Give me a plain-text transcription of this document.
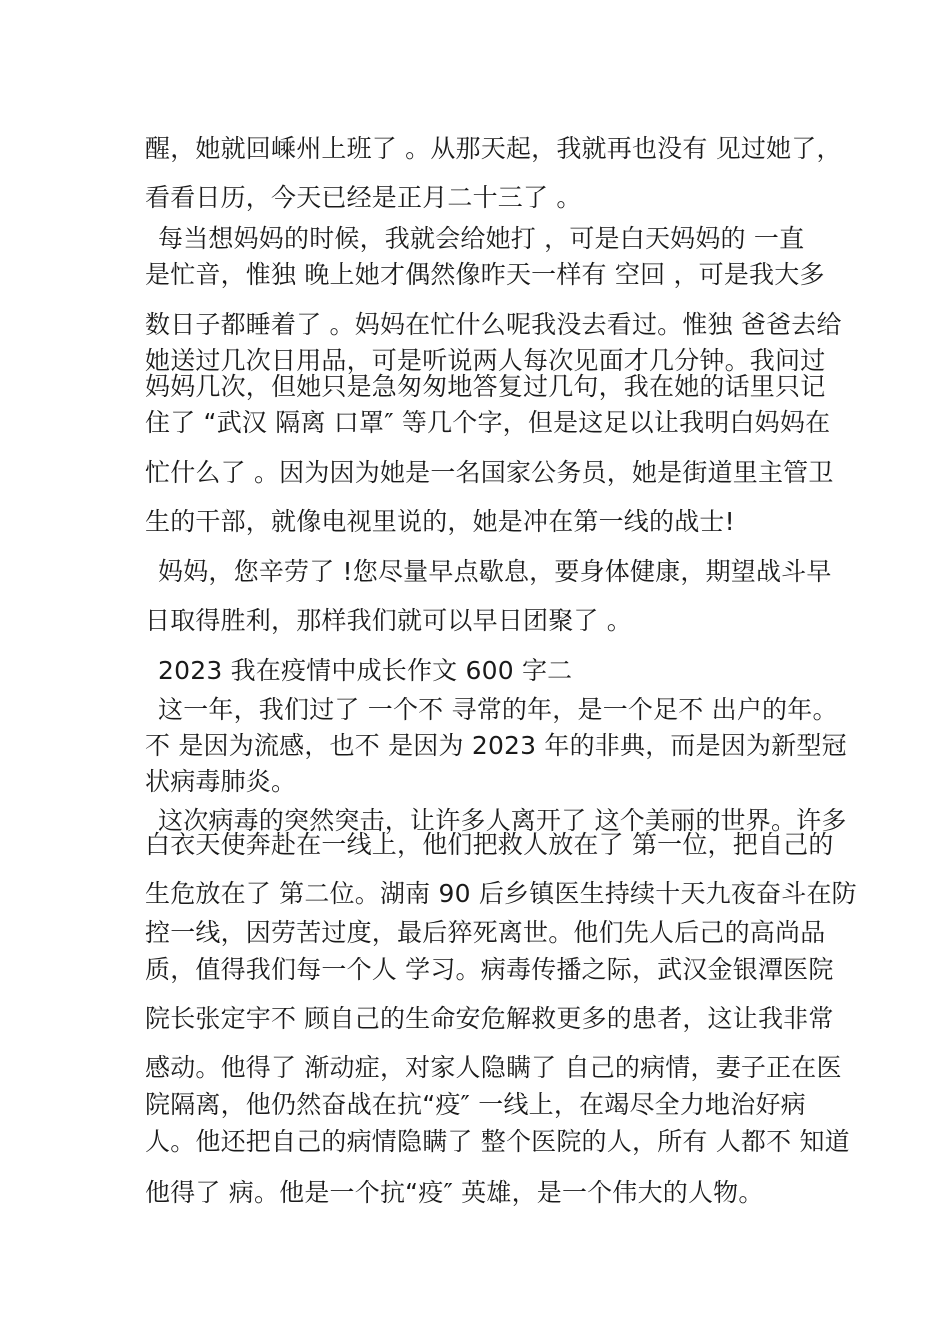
醒，她就回嵊州上班了 。从那天起，我就再也没有 见过她了，
看看日历，今天已经是正月二十三了 。
每当想妈妈的时候，我就会给她打 ，可是白天妈妈的 一直
是忙音，惟独 晚上她才偶然像昨天一样有 空回 ，可是我大多
数日子都睡着了 。妈妈在忙什么呢我没去看过。惟独 爸爸去给
她送过几次日用品，可是听说两人每次见面才几分钟。我问过
妈妈几次，但她只是急匆匆地答复过几句，我在她的话里只记
住了 “武汉 隔离 口罩″ 等几个字，但是这足以让我明白妈妈在
忙什么了 。因为因为她是一名国家公务员，她是街道里主管卫
生的干部，就像电视里说的，她是冲在第一线的战士!
妈妈，您辛劳了 !您尽量早点歇息，要身体健康，期望战斗早
日取得胜利，那样我们就可以早日团聚了 。
2023 我在疫情中成长作文 600 字二
这一年，我们过了 一个不 寻常的年，是一个足不 出户的年。
不 是因为流感，也不 是因为 2023 年的非典，而是因为新型冠
状病毒肺炎。
这次病毒的突然突击，让许多人离开了 这个美丽的世界。许多
白衣天使奔赴在一线上，他们把救人放在了 第一位，把自己的
生危放在了 第二位。湖南 90 后乡镇医生持续十天九夜奋斗在防
控一线，因劳苦过度，最后猝死离世。他们先人后己的高尚品
质，值得我们每一个人 学习。病毒传播之际，武汉金银潭医院
院长张定宇不 顾自己的生命安危解救更多的患者，这让我非常
感动。他得了 渐动症，对家人隐瞒了 自己的病情，妻子正在医
院隔离，他仍然奋战在抗“疫″ 一线上，在竭尽全力地治好病
人。他还把自己的病情隐瞒了 整个医院的人，所有 人都不 知道
他得了 病。他是一个抗“疫″ 英雄，是一个伟大的人物。
